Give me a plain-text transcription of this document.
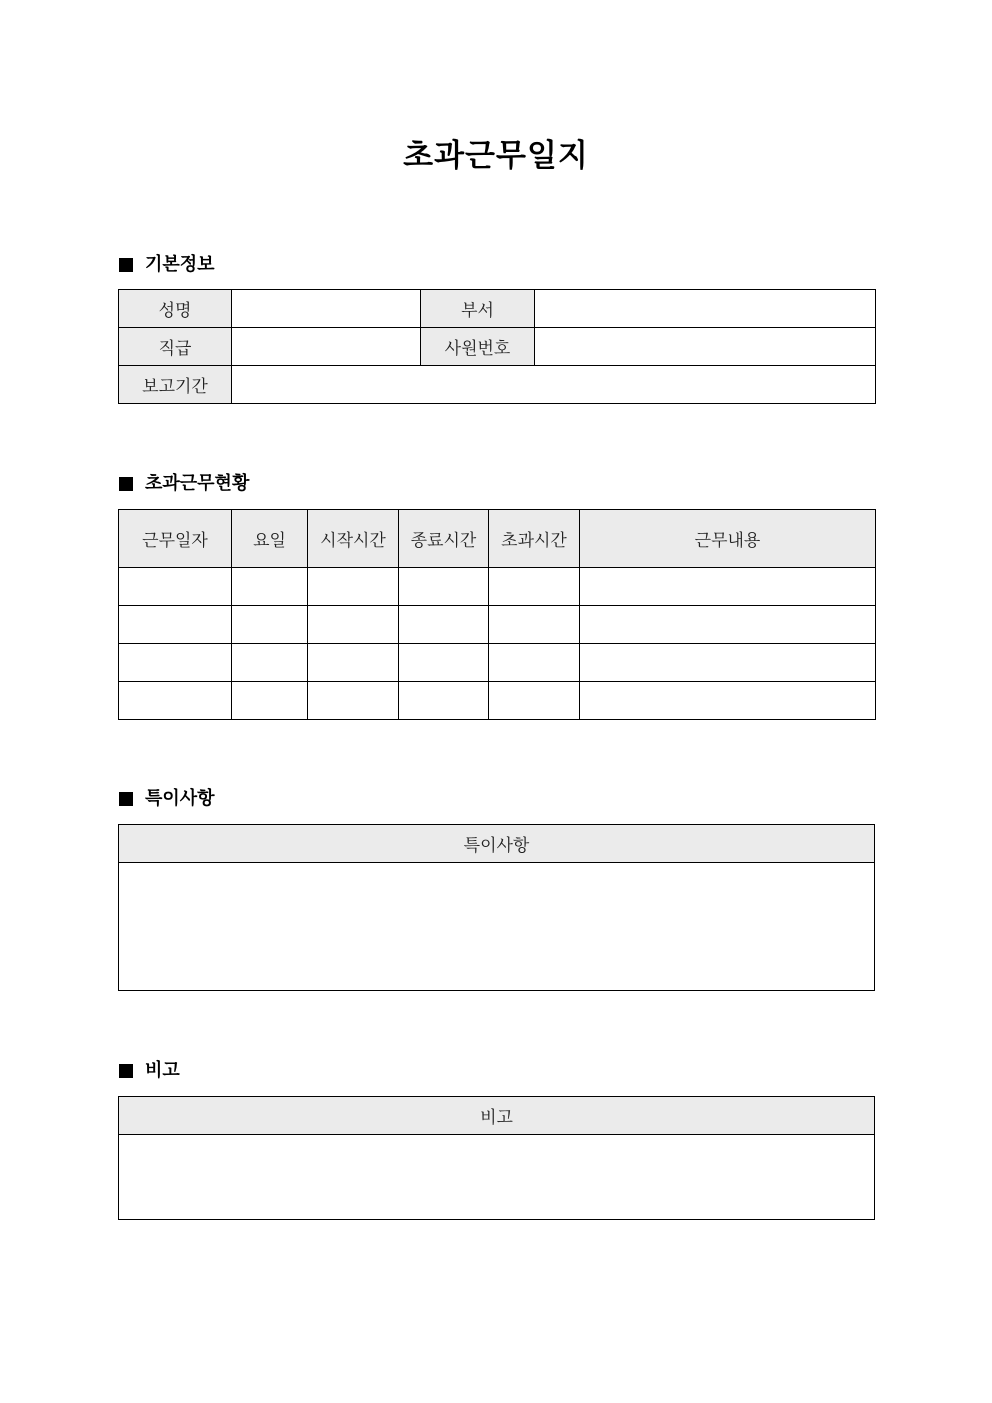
초과근무일지
기본정보
성명		부서	
직급		사원번호	
보고기간			
초과근무현황
근무일자	요일	시작시간	종료시간	초과시간	근무내용

특이사항
특이사항

비고
비고
